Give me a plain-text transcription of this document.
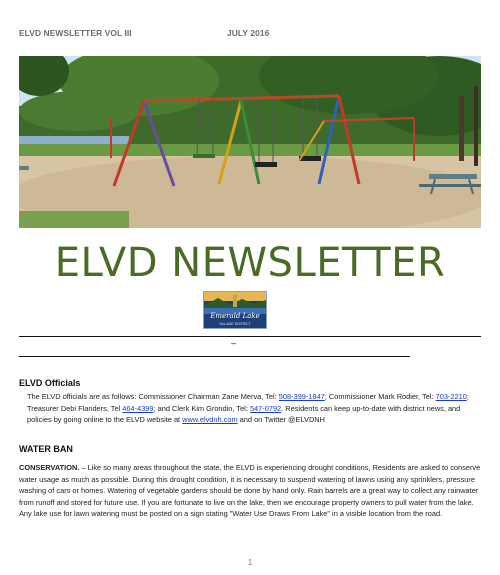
ELVD NEWSLETTER VOL III	JULY 2016
ELVD NEWSLETTER
Emerald Lake
VILLAGE DISTRICT
–
ELVD Officials
The ELVD officials are as follows: Commissioner Chairman Zane Merva, Tel: 508-399-1847; Commissioner Mark Rodier, Tel: 703-2210; Treasurer Debi Flanders, Tel 464-4399; and Clerk Kim Grondin, Tel: 547-0792. Residents can keep up-to-date with district news, and policies by going online to the ELVD website at www.elvdnh.com and on Twitter @ELVDNH
WATER BAN
CONSERVATION. – Like so many areas throughout the state, the ELVD is experiencing drought conditions, Residents are asked to conserve water usage as much as possible. During this drought condition, it is necessary to suspend watering of lawns using any sprinklers, pressure washing of cars or homes. Watering of vegetable gardens should be done by hand only. Rain barrels are a great way to collect any rainwater from runoff and stored for future use. If you are fortunate to live on the lake, then we encourage property owners to pull water from the lake. Any lake use for lawn watering must be posted on a sign stating "Water Use Draws From Lake" in a visible location from the road.
1
